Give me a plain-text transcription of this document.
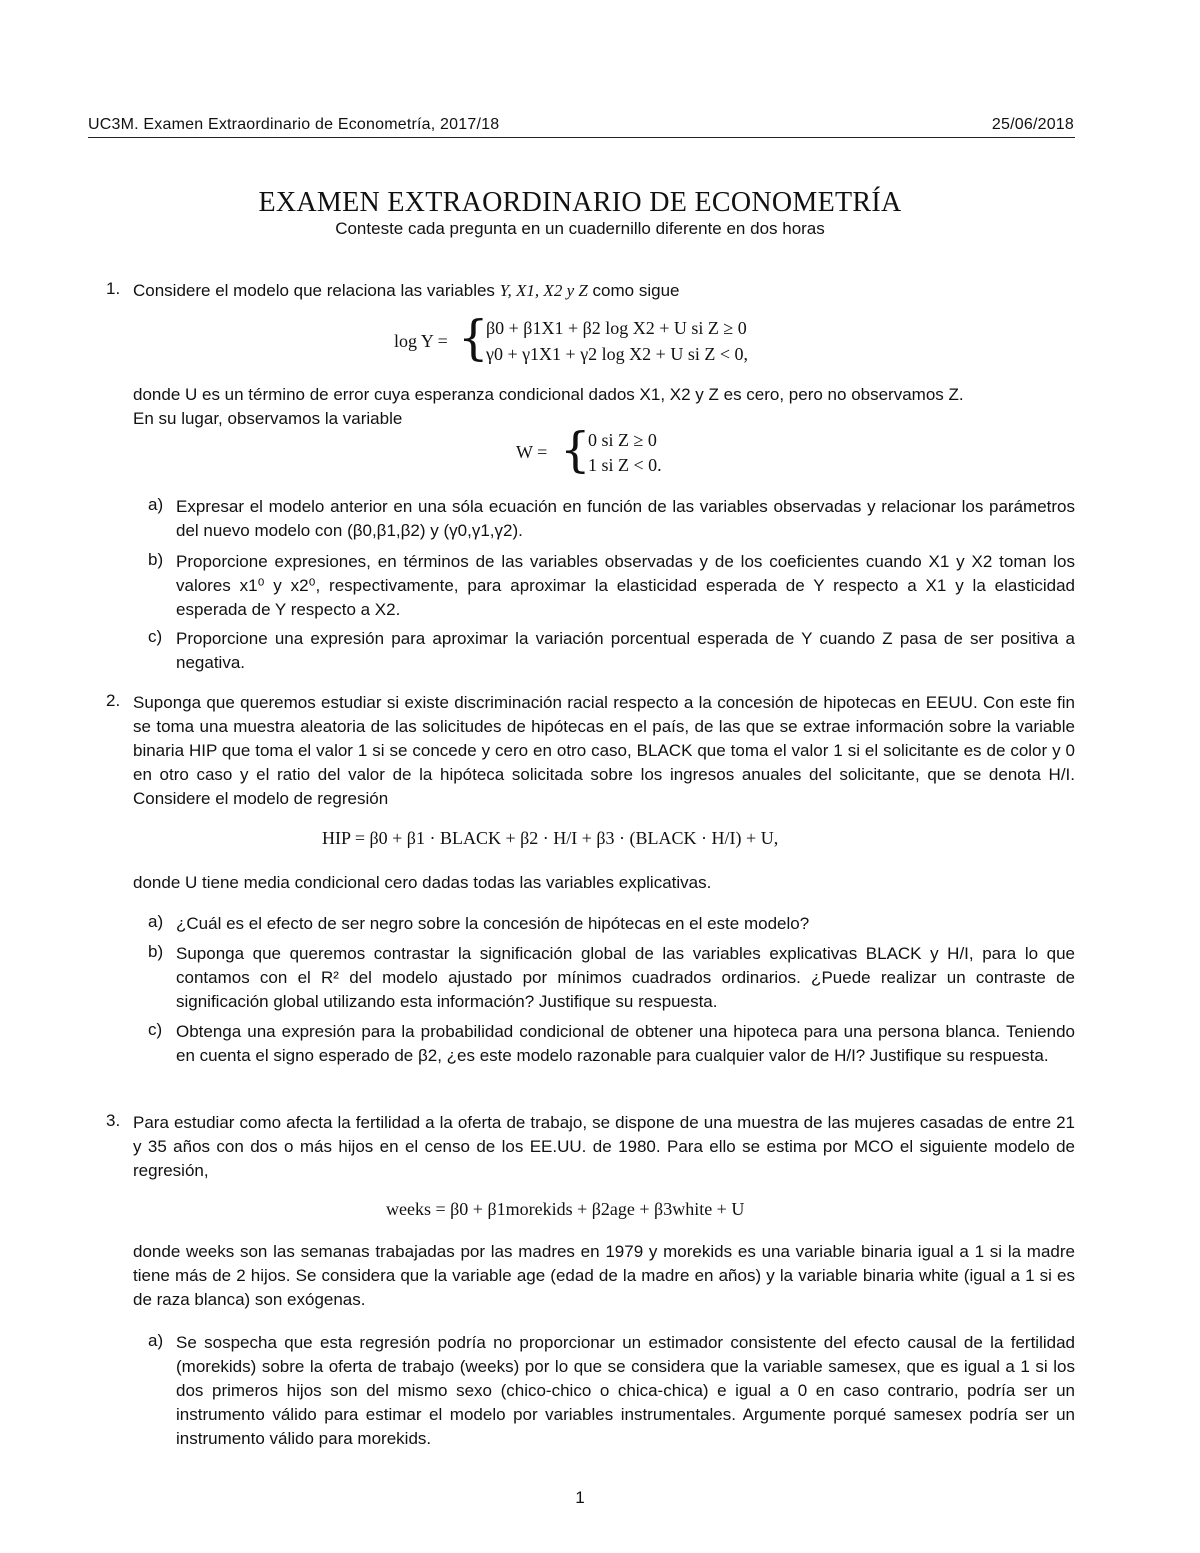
UC3M. Examen Extraordinario de Econometría, 2017/18	25/06/2018
EXAMEN EXTRAORDINARIO DE ECONOMETRÍA
Conteste cada pregunta en un cuadernillo diferente en dos horas
1. Considere el modelo que relaciona las variables Y, X1, X2 y Z como sigue
log Y = {
β0 + β1X1 + β2 log X2 + U si Z ≥ 0
γ0 + γ1X1 + γ2 log X2 + U si Z < 0,
donde U es un término de error cuya esperanza condicional dados X1, X2 y Z es cero, pero no observamos Z.
En su lugar, observamos la variable
W = {
0 si Z ≥ 0
1 si Z < 0.
a) Expresar el modelo anterior en una sóla ecuación en función de las variables observadas y relacionar los parámetros del nuevo modelo con (β0,β1,β2) y (γ0,γ1,γ2).
b) Proporcione expresiones, en términos de las variables observadas y de los coeficientes cuando X1 y X2 toman los valores x1⁰ y x2⁰, respectivamente, para aproximar la elasticidad esperada de Y respecto a X1 y la elasticidad esperada de Y respecto a X2.
c) Proporcione una expresión para aproximar la variación porcentual esperada de Y cuando Z pasa de ser positiva a negativa.
2. Suponga que queremos estudiar si existe discriminación racial respecto a la concesión de hipotecas en EEUU. Con este fin se toma una muestra aleatoria de las solicitudes de hipótecas en el país, de las que se extrae información sobre la variable binaria HIP que toma el valor 1 si se concede y cero en otro caso, BLACK que toma el valor 1 si el solicitante es de color y 0 en otro caso y el ratio del valor de la hipóteca solicitada sobre los ingresos anuales del solicitante, que se denota H/I. Considere el modelo de regresión
HIP = β0 + β1 · BLACK + β2 · H/I + β3 · (BLACK · H/I) + U,
donde U tiene media condicional cero dadas todas las variables explicativas.
a) ¿Cuál es el efecto de ser negro sobre la concesión de hipótecas en el este modelo?
b) Suponga que queremos contrastar la significación global de las variables explicativas BLACK y H/I, para lo que contamos con el R² del modelo ajustado por mínimos cuadrados ordinarios. ¿Puede realizar un contraste de significación global utilizando esta información? Justifique su respuesta.
c) Obtenga una expresión para la probabilidad condicional de obtener una hipoteca para una persona blanca. Teniendo en cuenta el signo esperado de β2, ¿es este modelo razonable para cualquier valor de H/I? Justifique su respuesta.
3. Para estudiar como afecta la fertilidad a la oferta de trabajo, se dispone de una muestra de las mujeres casadas de entre 21 y 35 años con dos o más hijos en el censo de los EE.UU. de 1980. Para ello se estima por MCO el siguiente modelo de regresión,
weeks = β0 + β1morekids + β2age + β3white + U
donde weeks son las semanas trabajadas por las madres en 1979 y morekids es una variable binaria igual a 1 si la madre tiene más de 2 hijos. Se considera que la variable age (edad de la madre en años) y la variable binaria white (igual a 1 si es de raza blanca) son exógenas.
a) Se sospecha que esta regresión podría no proporcionar un estimador consistente del efecto causal de la fertilidad (morekids) sobre la oferta de trabajo (weeks) por lo que se considera que la variable samesex, que es igual a 1 si los dos primeros hijos son del mismo sexo (chico-chico o chica-chica) e igual a 0 en caso contrario, podría ser un instrumento válido para estimar el modelo por variables instrumentales. Argumente porqué samesex podría ser un instrumento válido para morekids.
1
